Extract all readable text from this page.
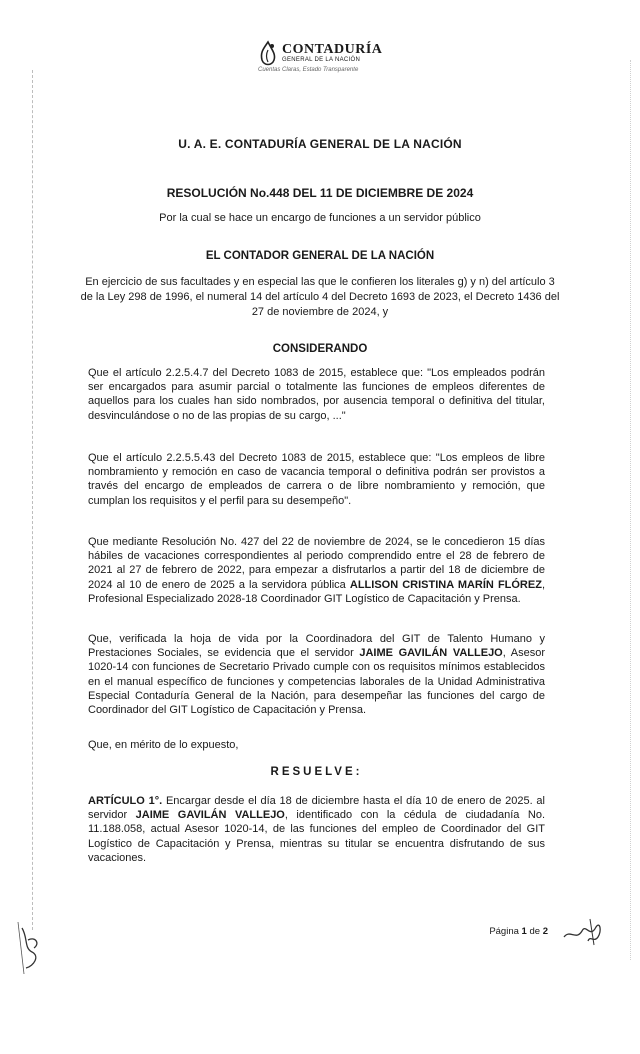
CONTADURÍA
GENERAL DE LA NACIÓN
Cuentas Claras, Estado Transparente
U. A. E. CONTADURÍA GENERAL DE LA NACIÓN
RESOLUCIÓN No.448 DEL 11 DE DICIEMBRE DE 2024
Por la cual se hace un encargo de funciones a un servidor público
EL CONTADOR GENERAL DE LA NACIÓN
En ejercicio de sus facultades y en especial las que le confieren los literales g) y n) del artículo 3 de la Ley 298 de 1996, el numeral 14 del artículo 4 del Decreto 1693 de 2023, el Decreto 1436 del 27 de noviembre de 2024, y
CONSIDERANDO
Que el artículo 2.2.5.4.7 del Decreto 1083 de 2015, establece que: "Los empleados podrán ser encargados para asumir parcial o totalmente las funciones de empleos diferentes de aquellos para los cuales han sido nombrados, por ausencia temporal o definitiva del titular, desvinculándose o no de las propias de su cargo, ..."
Que el artículo 2.2.5.5.43 del Decreto 1083 de 2015, establece que: "Los empleos de libre nombramiento y remoción en caso de vacancia temporal o definitiva podrán ser provistos a través del encargo de empleados de carrera o de libre nombramiento y remoción, que cumplan los requisitos y el perfil para su desempeño".
Que mediante Resolución No. 427 del 22 de noviembre de 2024, se le concedieron 15 días hábiles de vacaciones correspondientes al periodo comprendido entre el 28 de febrero de 2021 al 27 de febrero de 2022, para empezar a disfrutarlos a partir del 18 de diciembre de 2024 al 10 de enero de 2025 a la servidora pública ALLISON CRISTINA MARÍN FLÓREZ, Profesional Especializado 2028-18 Coordinador GIT Logístico de Capacitación y Prensa.
Que, verificada la hoja de vida por la Coordinadora del GIT de Talento Humano y Prestaciones Sociales, se evidencia que el servidor JAIME GAVILÁN VALLEJO, Asesor 1020-14 con funciones de Secretario Privado cumple con os requisitos mínimos establecidos en el manual específico de funciones y competencias laborales de la Unidad Administrativa Especial Contaduría General de la Nación, para desempeñar las funciones del cargo de Coordinador del GIT Logístico de Capacitación y Prensa.
Que, en mérito de lo expuesto,
RESUELVE:
ARTÍCULO 1°. Encargar desde el día 18 de diciembre hasta el día 10 de enero de 2025. al servidor JAIME GAVILÁN VALLEJO, identificado con la cédula de ciudadanía No. 11.188.058, actual Asesor 1020-14, de las funciones del empleo de Coordinador del GIT Logístico de Capacitación y Prensa, mientras su titular se encuentra disfrutando de sus vacaciones.
Página 1 de 2
